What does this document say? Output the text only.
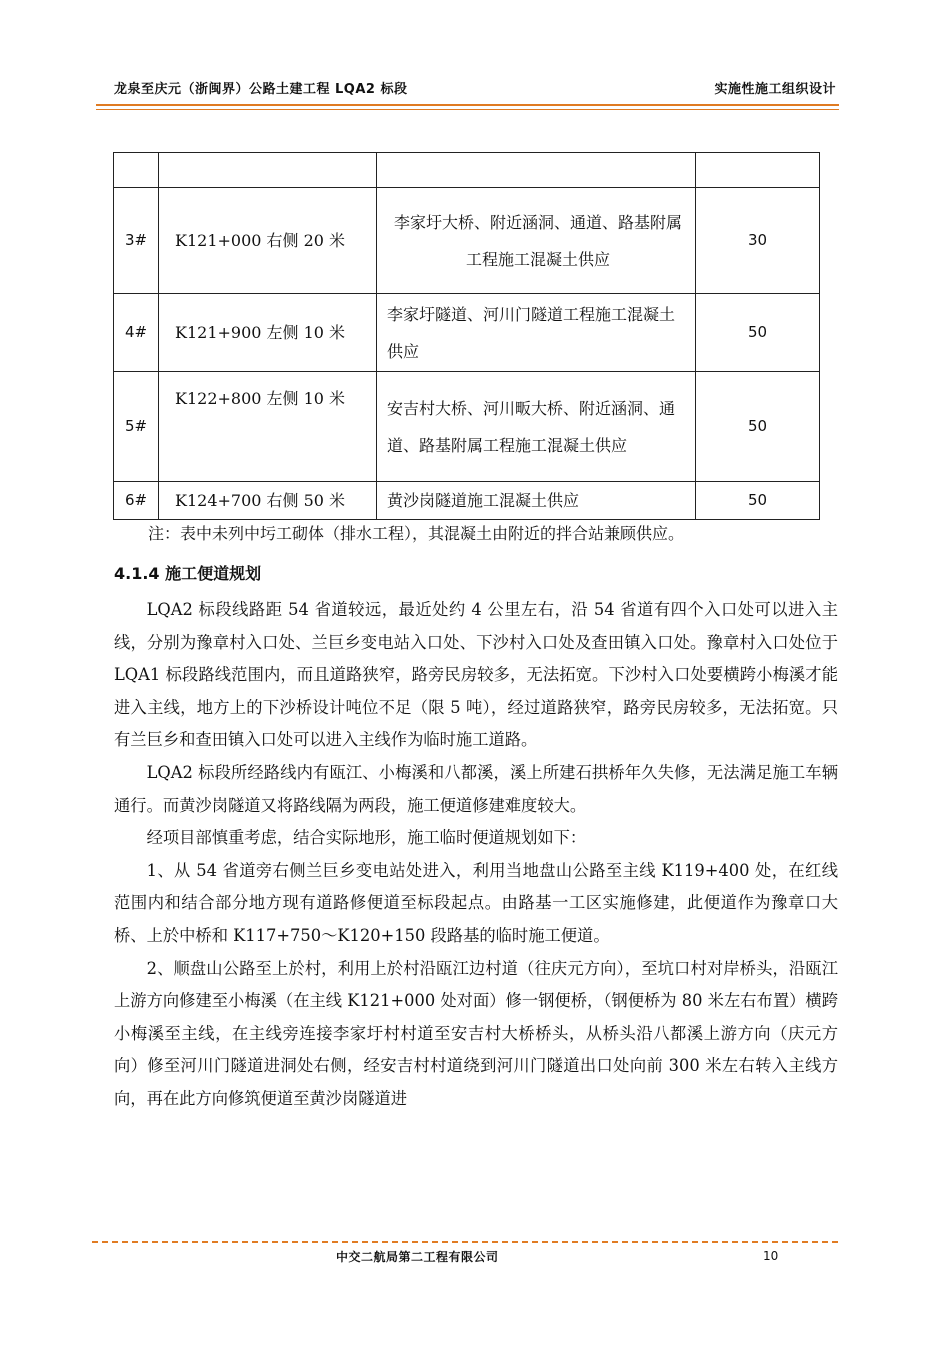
龙泉至庆元（浙闽界）公路土建工程 LQA2 标段	实施性施工组织设计

3#	K121+000 右侧 20 米	李家圩大桥、附近涵洞、通道、路基附属工程施工混凝土供应	30
4#	K121+900 左侧 10 米	李家圩隧道、河川门隧道工程施工混凝土供应	50
5#	K122+800 左侧 10 米	安吉村大桥、河川畈大桥、附近涵洞、通道、路基附属工程施工混凝土供应	50
6#	K124+700 右侧 50 米	黄沙岗隧道施工混凝土供应	50
注：表中未列中圬工砌体（排水工程），其混凝土由附近的拌合站兼顾供应。
4.1.4 施工便道规划

LQA2 标段线路距 54 省道较远，最近处约 4 公里左右，沿 54 省道有四个入口处可以进入主线，分别为豫章村入口处、兰巨乡变电站入口处、下沙村入口处及查田镇入口处。豫章村入口处位于 LQA1 标段路线范围内，而且道路狭窄，路旁民房较多，无法拓宽。下沙村入口处要横跨小梅溪才能进入主线，地方上的下沙桥设计吨位不足（限 5 吨），经过道路狭窄，路旁民房较多，无法拓宽。只有兰巨乡和查田镇入口处可以进入主线作为临时施工道路。

LQA2 标段所经路线内有瓯江、小梅溪和八都溪，溪上所建石拱桥年久失修，无法满足施工车辆通行。而黄沙岗隧道又将路线隔为两段，施工便道修建难度较大。

经项目部慎重考虑，结合实际地形，施工临时便道规划如下：

1、从 54 省道旁右侧兰巨乡变电站处进入，利用当地盘山公路至主线 K119+400 处，在红线范围内和结合部分地方现有道路修便道至标段起点。由路基一工区实施修建，此便道作为豫章口大桥、上於中桥和 K117+750～K120+150 段路基的临时施工便道。

2、顺盘山公路至上於村，利用上於村沿瓯江边村道（往庆元方向），至坑口村对岸桥头，沿瓯江上游方向修建至小梅溪（在主线 K121+000 处对面）修一钢便桥，（钢便桥为 80 米左右布置）横跨小梅溪至主线，在主线旁连接李家圩村村道至安吉村大桥桥头，从桥头沿八都溪上游方向（庆元方向）修至河川门隧道进洞处右侧，经安吉村村道绕到河川门隧道出口处向前 300 米左右转入主线方向，再在此方向修筑便道至黄沙岗隧道进

中交二航局第二工程有限公司	10
